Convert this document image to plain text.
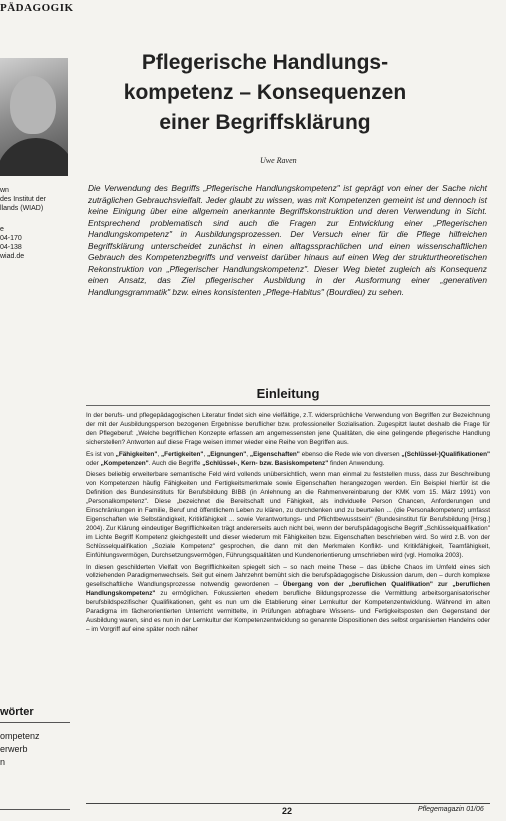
PÄDAGOGIK
wn
des Institut der
llands (WIAD)
e
04-170
04-138
wiad.de
wörter
ompetenz
erwerb
n
Pflegerische Handlungs-
kompetenz – Konsequenzen
einer Begriffsklärung
Uwe Raven
Die Verwendung des Begriffs „Pflegerische Handlungskompetenz" ist geprägt von einer der Sache nicht zuträglichen Gebrauchsvielfalt. Jeder glaubt zu wissen, was mit Kompetenzen gemeint ist und dennoch ist keine Einigung über eine allgemein anerkannte Begriffskonstruktion und deren Verwendung in Sicht. Entsprechend problematisch sind auch die Fragen zur Entwicklung einer „Pflegerischen Handlungskompetenz" in Ausbildungsprozessen. Der Versuch einer für die Pflege hilfreichen Begriffsklärung unterscheidet zunächst in einen alltagssprachlichen und einen wissenschaftlichen Gebrauch des Kompetenzbegriffs und verweist darüber hinaus auf einen Weg der strukturtheoretischen Rekonstruktion von „Pflegerischer Handlungskompetenz". Dieser Weg bietet zugleich als Konsequenz einen Ansatz, das Ziel pflegerischer Ausbildung in der Ausformung einer „generativen Handlungsgrammatik" bzw. eines konsistenten „Pflege-Habitus" (Bourdieu) zu sehen.
Einleitung

In der berufs- und pflegepädagogischen Literatur findet sich eine vielfältige, z.T. widersprüchliche Verwendung von Begriffen zur Bezeichnung der mit der Ausbildungsperson bezogenen Ergebnisse beruflicher bzw. professioneller Sozialisation. Zugespitzt lautet deshalb die Frage für den Pflegeberuf: „Welche begrifflichen Konzepte erfassen am angemessensten jene Qualitäten, die eine gelingende pflegerische Handlung sicherstellen? Antworten auf diese Frage weisen immer wieder eine Reihe von Begriffen aus.

Es ist von „Fähigkeiten", „Fertigkeiten", „Eignungen", „Eigenschaften" ebenso die Rede wie von diversen „(Schlüssel-)Qualifikationen" oder „Kompetenzen". Auch die Begriffe „Schlüssel-, Kern- bzw. Basiskompetenz" finden Anwendung.

Dieses beliebig erweiterbare semantische Feld wird vollends unübersichtlich, wenn man einmal zu feststellen muss, dass zur Beschreibung von Kompetenzen häufig Fähigkeiten und Fertigkeitsmerkmale sowie Eigenschaften herangezogen werden. Ein Beispiel hierfür ist die Definition des Bundesinstituts für Berufsbildung BIBB (in Anlehnung an die Rahmenvereinbarung der KMK vom 15. März 1991) von „Personalkompetenz". Diese „bezeichnet die Bereitschaft und Fähigkeit, als individuelle Person Chancen, Anforderungen und Einschränkungen in Familie, Beruf und öffentlichem Leben zu klären, zu durchdenken und zu beurteilen ... (die Personalkompetenz) umfasst Eigenschaften wie Selbständigkeit, Kritikfähigkeit ... sowie Verantwortungs- und Pflichtbewusstsein" (Bundesinstitut für Berufsbildung [Hrsg.] 2004). Zur Klärung eindeutiger Begrifflichkeiten trägt andererseits auch nicht bei, wenn der berufspädagogische Begriff „Schlüsselqualifikation" im Lichte Begriff Kompetenz gleichgestellt und dieser wiederum mit Fähigkeiten bzw. Eigenschaften beschrieben wird. So wird z.B. von der Schlüsselqualifikation „Soziale Kompetenz" gesprochen, die dann mit den Merkmalen Konflikt- und Kritikfähigkeit, Teamfähigkeit, Einfühlungsvermögen, Durchsetzungsvermögen, Führungsqualitäten und Kundenorientierung umschrieben wird (vgl. Homolka 2003).

In diesen geschilderten Vielfalt von Begrifflichkeiten spiegelt sich – so nach meine These – das übliche Chaos im Umfeld eines sich vollziehenden Paradigmenwechsels. Seit gut einem Jahrzehnt bemüht sich die berufspädagogische Diskussion darum, den – durch komplexe gesellschaftliche Wandlungsprozesse notwendig gewordenen – Übergang von der „beruflichen Qualifikation" zur „beruflichen Handlungskompetenz" zu ermöglichen. Fokussierten ehedem berufliche Bildungsprozesse die Vermittlung arbeitsorganisatorischer berufsbildspezifischer Qualifikationen, geht es nun um die Etablierung einer Lernkultur der Kompetenzentwicklung. Während im alten Paradigma im fächerorientierten Unterricht vermittelte, in Prüfungen abfragbare Wissens- und Fertigkeitsposten den Gegenstand der Ausbildung waren, sind es nun in der Lernkultur der Kompetenzentwicklung so genannte Dispositionen des selbst organisierten Handelns oder – im Vorgriff auf eine später noch näher

22	Pflegemagazin 01/06
